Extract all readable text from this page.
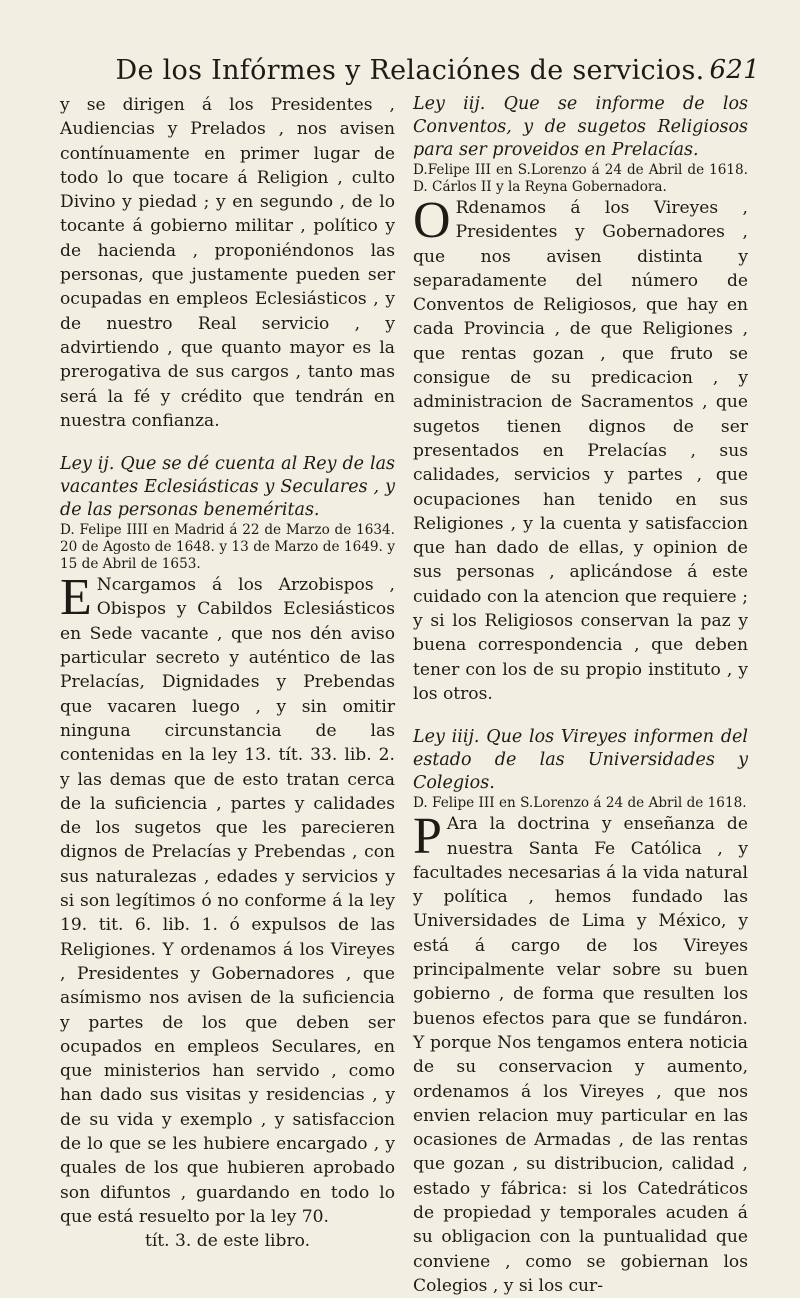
De los Infórmes y Relaciónes de servicios. 621

y se dirigen á los Presidentes , Audiencias y Prelados , nos avisen contínuamente en primer lugar de todo lo que tocare á Religion , culto Divino y piedad ; y en segundo , de lo tocante á gobierno militar , político y de hacienda , proponiéndonos las personas, que justamente pueden ser ocupadas en empleos Eclesiásticos , y de nuestro Real servicio , y advirtiendo , que quanto mayor es la prerogativa de sus cargos , tanto mas será la fé y crédito que tendrán en nuestra confianza.

Ley ij. Que se dé cuenta al Rey de las vacantes Eclesiásticas y Seculares , y de las personas beneméritas.

D. Felipe IIII en Madrid á 22 de Marzo de 1634. 20 de Agosto de 1648. y 13 de Marzo de 1649. y 15 de Abril de 1653.

E Ncargamos á los Arzobispos , Obispos y Cabildos Eclesiásticos en Sede vacante , que nos dén aviso particular secreto y auténtico de las Prelacías, Dignidades y Prebendas que vacaren luego , y sin omitir ninguna circunstancia de las contenidas en la ley 13. tít. 33. lib. 2. y las demas que de esto tratan cerca de la suficiencia , partes y calidades de los sugetos que les parecieren dignos de Prelacías y Prebendas , con sus naturalezas , edades y servicios y si son legítimos ó no conforme á la ley 19. tit. 6. lib. 1. ó expulsos de las Religiones. Y ordenamos á los Vireyes , Presidentes y Gobernadores , que asímismo nos avisen de la suficiencia y partes de los que deben ser ocupados en empleos Seculares, en que ministerios han servido , como han dado sus visitas y residencias , y de su vida y exemplo , y satisfaccion de lo que se les hubiere encargado , y quales de los que hubieren aprobado son difuntos , guardando en todo lo que está resuelto por la ley 70.

tít. 3. de este libro.

Ley iij. Que se informe de los Conventos, y de sugetos Religiosos para ser proveidos en Prelacías.

D.Felipe III en S.Lorenzo á 24 de Abril de 1618. D. Cárlos II y la Reyna Gobernadora.

O Rdenamos á los Vireyes , Presidentes y Gobernadores , que nos avisen distinta y separadamente del número de Conventos de Religiosos, que hay en cada Provincia , de que Religiones , que rentas gozan , que fruto se consigue de su predicacion , y administracion de Sacramentos , que sugetos tienen dignos de ser presentados en Prelacías , sus calidades, servicios y partes , que ocupaciones han tenido en sus Religiones , y la cuenta y satisfaccion que han dado de ellas, y opinion de sus personas , aplicándose á este cuidado con la atencion que requiere ; y si los Religiosos conservan la paz y buena correspondencia , que deben tener con los de su propio instituto , y los otros.

Ley iiij. Que los Vireyes informen del estado de las Universidades y Colegios.

D. Felipe III en S.Lorenzo á 24 de Abril de 1618.

P Ara la doctrina y enseñanza de nuestra Santa Fe Católica , y facultades necesarias á la vida natural y política , hemos fundado las Universidades de Lima y México, y está á cargo de los Vireyes principalmente velar sobre su buen gobierno , de forma que resulten los buenos efectos para que se fundáron. Y porque Nos tengamos entera noticia de su conservacion y aumento, ordenamos á los Vireyes , que nos envien relacion muy particular en las ocasiones de Armadas , de las rentas que gozan , su distribucion, calidad , estado y fábrica: si los Catedráticos de propiedad y temporales acuden á su obligacion con la puntualidad que conviene , como se gobiernan los Colegios , y si los cur-
